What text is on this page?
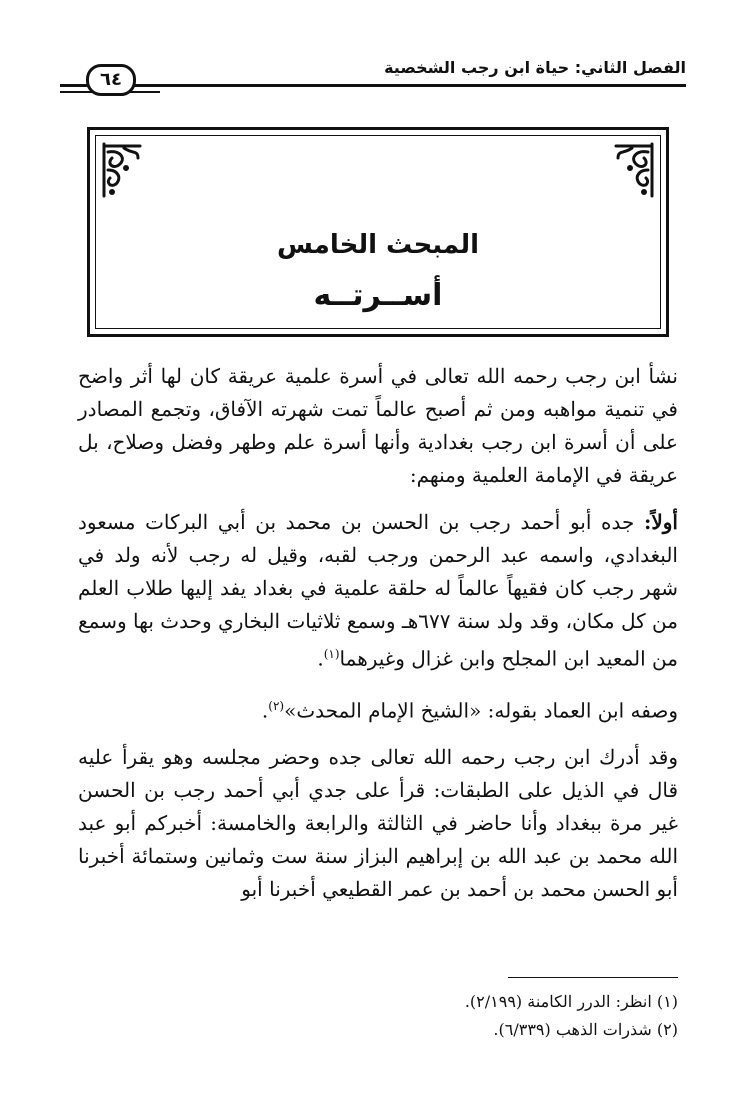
الفصل الثاني: حياة ابن رجب الشخصية
٦٤
المبحث الخامس
أســرتــه

نشأ ابن رجب رحمه الله تعالى في أسرة علمية عريقة كان لها أثر واضح في تنمية مواهبه ومن ثم أصبح عالماً تمت شهرته الآفاق، وتجمع المصادر على أن أسرة ابن رجب بغدادية وأنها أسرة علم وطهر وفضل وصلاح، بل عريقة في الإمامة العلمية ومنهم:

أولاً: جده أبو أحمد رجب بن الحسن بن محمد بن أبي البركات مسعود البغدادي، واسمه عبد الرحمن ورجب لقبه، وقيل له رجب لأنه ولد في شهر رجب كان فقيهاً عالماً له حلقة علمية في بغداد يفد إليها طلاب العلم من كل مكان، وقد ولد سنة ٦٧٧هـ وسمع ثلاثيات البخاري وحدث بها وسمع من المعيد ابن المجلح وابن غزال وغيرهما$^{(١)}$.

وصفه ابن العماد بقوله: «الشيخ الإمام المحدث»$^{(٢)}$.

وقد أدرك ابن رجب رحمه الله تعالى جده وحضر مجلسه وهو يقرأ عليه قال في الذيل على الطبقات: قرأ على جدي أبي أحمد رجب بن الحسن غير مرة ببغداد وأنا حاضر في الثالثة والرابعة والخامسة: أخبركم أبو عبد الله محمد بن عبد الله بن إبراهيم البزاز سنة ست وثمانين وستمائة أخبرنا أبو الحسن محمد بن أحمد بن عمر القطيعي أخبرنا أبو

(١) انظر: الدرر الكامنة (٢/١٩٩).

(٢) شذرات الذهب (٦/٣٣٩).
